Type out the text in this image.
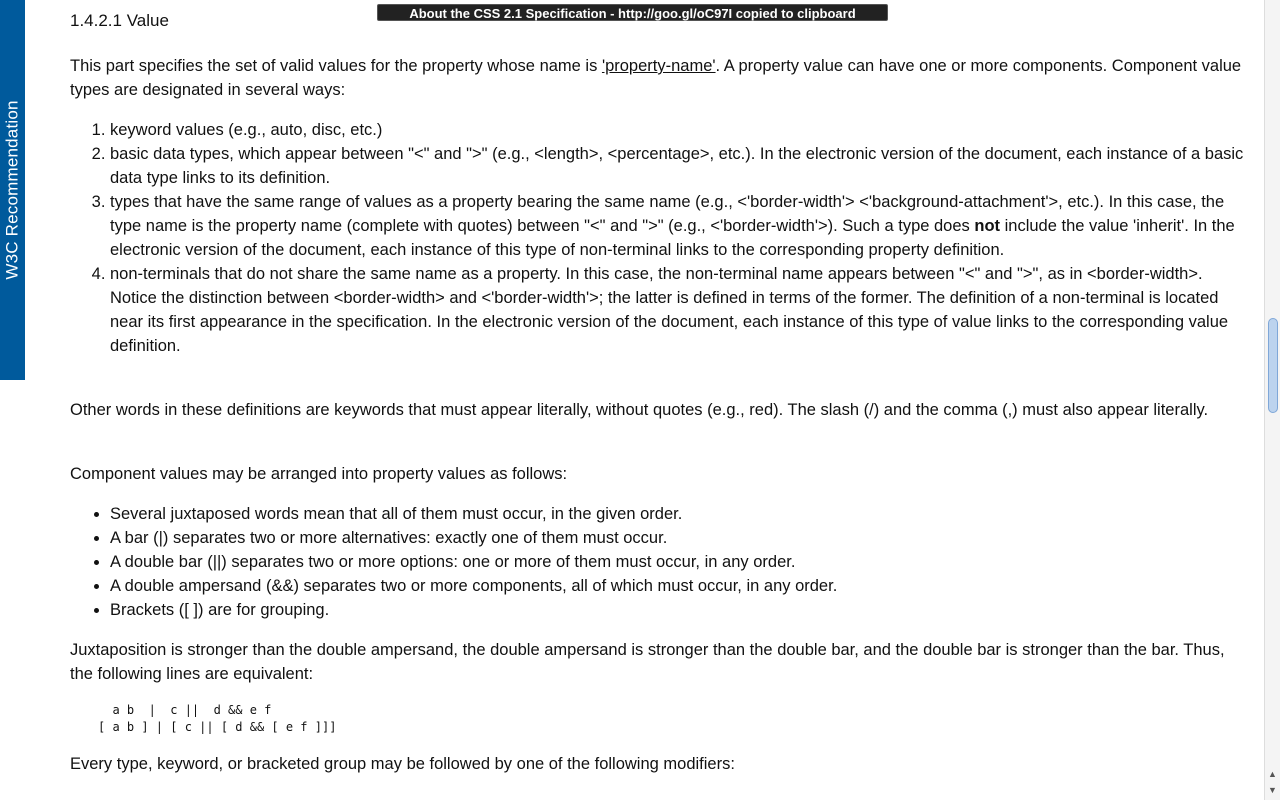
W3C Recommendation
About the CSS 2.1 Specification - http://goo.gl/oC97I copied to clipboard
1.4.2.1 Value

This part specifies the set of valid values for the property whose name is 'property-name'. A property value can have one or more components. Component value types are designated in several ways:

1. keyword values (e.g., auto, disc, etc.)
2. basic data types, which appear between "<" and ">" (e.g., <length>, <percentage>, etc.). In the electronic version of the document, each instance of a basic data type links to its definition.
3. types that have the same range of values as a property bearing the same name (e.g., <'border-width'> <'background-attachment'>, etc.). In this case, the type name is the property name (complete with quotes) between "<" and ">" (e.g., <'border-width'>). Such a type does not include the value 'inherit'. In the electronic version of the document, each instance of this type of non-terminal links to the corresponding property definition.
4. non-terminals that do not share the same name as a property. In this case, the non-terminal name appears between "<" and ">", as in <border-width>. Notice the distinction between <border-width> and <'border-width'>; the latter is defined in terms of the former. The definition of a non-terminal is located near its first appearance in the specification. In the electronic version of the document, each instance of this type of value links to the corresponding value definition.

Other words in these definitions are keywords that must appear literally, without quotes (e.g., red). The slash (/) and the comma (,) must also appear literally.

Component values may be arranged into property values as follows:

• Several juxtaposed words mean that all of them must occur, in the given order.
• A bar (|) separates two or more alternatives: exactly one of them must occur.
• A double bar (||) separates two or more options: one or more of them must occur, in any order.
• A double ampersand (&&) separates two or more components, all of which must occur, in any order.
• Brackets ([ ]) are for grouping.

Juxtaposition is stronger than the double ampersand, the double ampersand is stronger than the double bar, and the double bar is stronger than the bar. Thus, the following lines are equivalent:

a b  |  c ||  d && e f
[ a b ] | [ c || [ d && [ e f ]]]

Every type, keyword, or bracketed group may be followed by one of the following modifiers:

▲
▼
